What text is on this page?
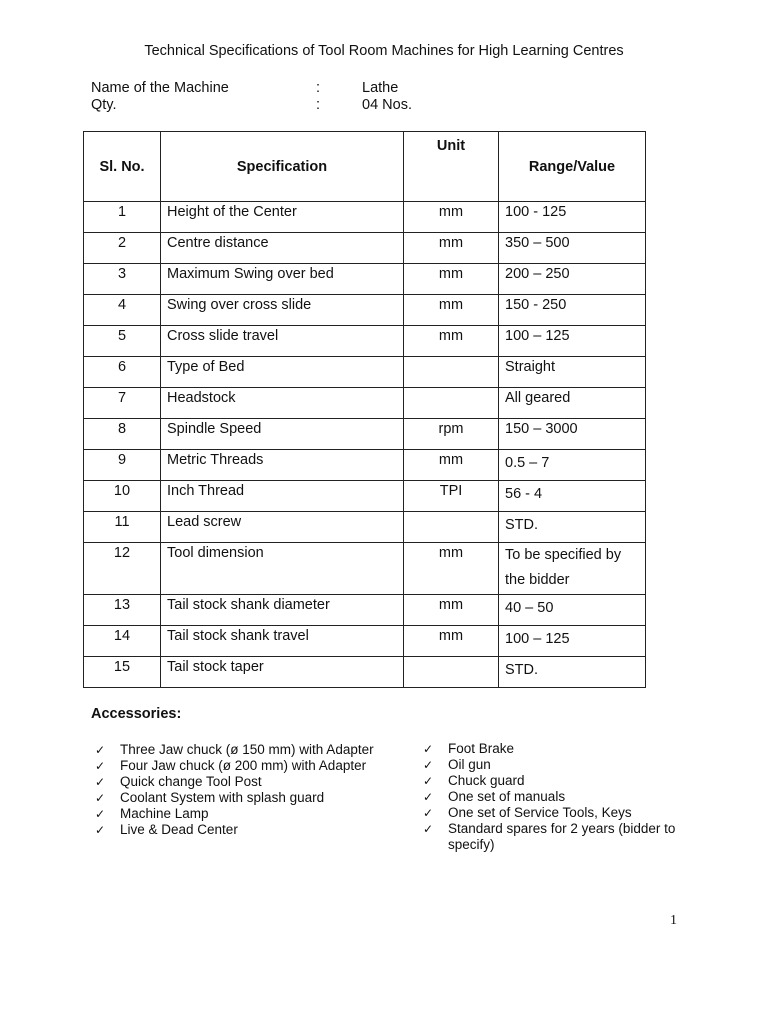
Technical Specifications of Tool Room Machines for High Learning Centres
Name of the Machine	:	Lathe
Qty.	:	04 Nos.
Sl. No.	Specification	Unit	Range/Value

1	Height of the Center	mm	100 - 125

2	Centre distance	mm	350 – 500

3	Maximum Swing over bed	mm	200 – 250

4	Swing over cross slide	mm	150 - 250

5	Cross slide travel	mm	100 – 125

6	Type of Bed		Straight

7	Headstock		All geared

8	Spindle Speed	rpm	150 – 3000

9	Metric Threads	mm	0.5 – 7

10	Inch Thread	TPI	56 - 4

11	Lead screw		STD.

12	Tool dimension	mm	To be specified by the bidder

13	Tail stock shank diameter	mm	40 – 50

14	Tail stock shank travel	mm	100 – 125

15	Tail stock taper		STD.
Accessories:
✓ Three Jaw chuck (ø 150 mm) with Adapter
✓ Four Jaw chuck (ø 200 mm) with Adapter
✓ Quick change Tool Post
✓ Coolant System with splash guard
✓ Machine Lamp
✓ Live & Dead Center
✓ Foot Brake
✓ Oil gun
✓ Chuck guard
✓ One set of manuals
✓ One set of Service Tools, Keys
✓ Standard spares for 2 years (bidder to specify)
1
